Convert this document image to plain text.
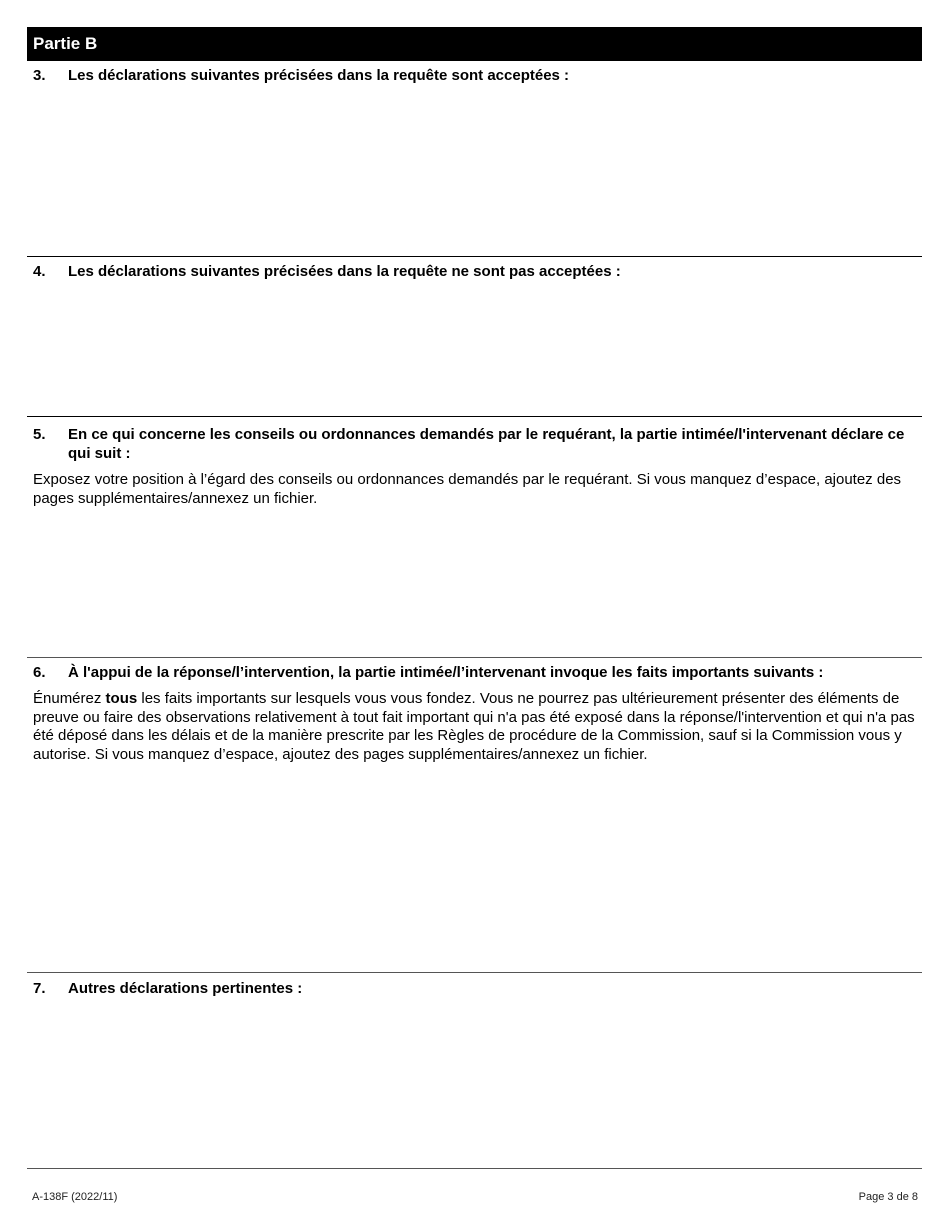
Partie B
3. Les déclarations suivantes précisées dans la requête sont acceptées :
4. Les déclarations suivantes précisées dans la requête ne sont pas acceptées :
5. En ce qui concerne les conseils ou ordonnances demandés par le requérant, la partie intimée/l'intervenant déclare ce qui suit :
Exposez votre position à l’égard des conseils ou ordonnances demandés par le requérant. Si vous manquez d’espace, ajoutez des pages supplémentaires/annexez un fichier.
6. À l'appui de la réponse/l’intervention, la partie intimée/l’intervenant invoque les faits importants suivants :
Énumérez tous les faits importants sur lesquels vous vous fondez. Vous ne pourrez pas ultérieurement présenter des éléments de preuve ou faire des observations relativement à tout fait important qui n'a pas été exposé dans la réponse/l'intervention et qui n'a pas été déposé dans les délais et de la manière prescrite par les Règles de procédure de la Commission, sauf si la Commission vous y autorise. Si vous manquez d’espace, ajoutez des pages supplémentaires/annexez un fichier.
7. Autres déclarations pertinentes :
A-138F (2022/11)	Page 3 de 8
